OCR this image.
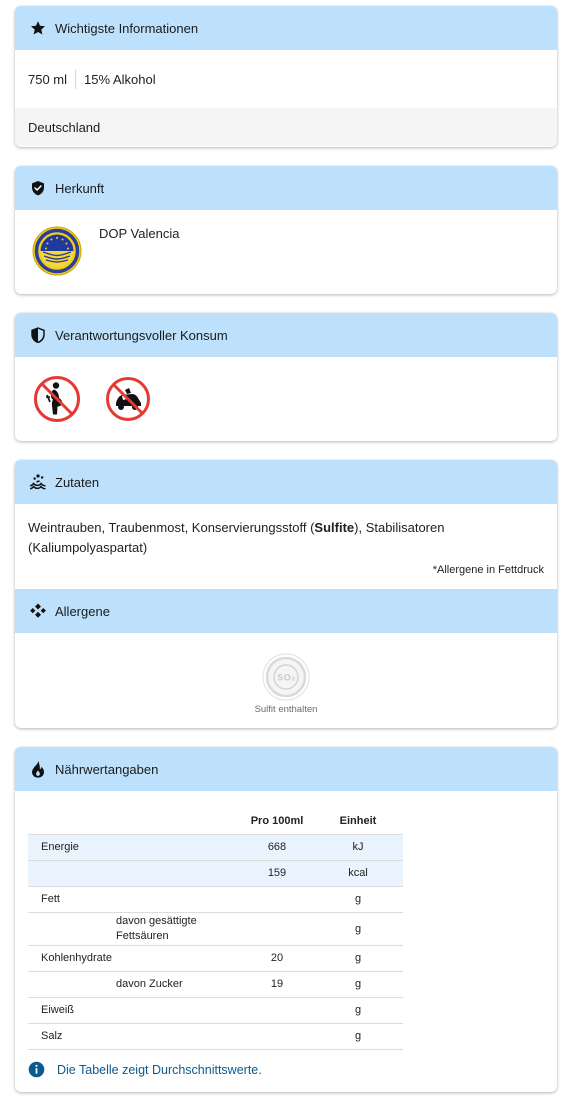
Wichtigste Informationen
750 ml 15% Alkohol
Deutschland
Herkunft
DOP Valencia
Verantwortungsvoller Konsum
Zutaten
Weintrauben, Traubenmost, Konservierungsstoff (Sulfite), Stabilisatoren (Kaliumpolyaspartat)
*Allergene in Fettdruck
Allergene
SO₂
Sulfit enthalten
Nährwertangaben
		Pro 100ml	Einheit
Energie		668	kJ
		159	kcal
Fett			g
	davon gesättigte Fettsäuren		g
Kohlenhydrate		20	g
	davon Zucker	19	g
Eiweiß			g
Salz			g
Die Tabelle zeigt Durchschnittswerte.
